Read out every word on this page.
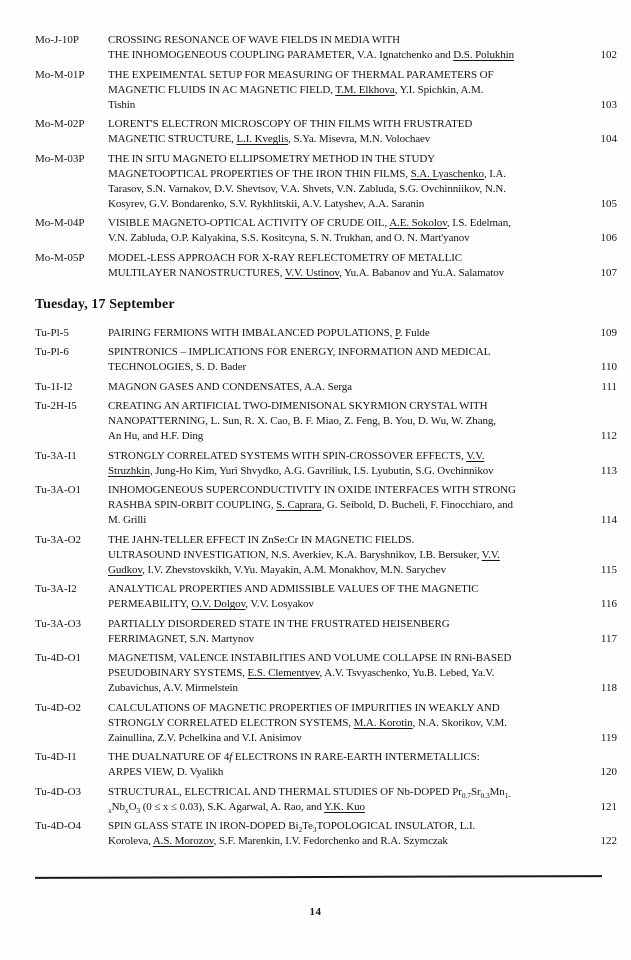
Mo-J-10P	CROSSING RESONANCE OF WAVE FIELDS IN MEDIA WITH
THE INHOMOGENEOUS COUPLING PARAMETER, V.A. Ignatchenko and D.S. Polukhin	102
Mo-M-01P	THE EXPEIMENTAL SETUP FOR MEASURING OF THERMAL PARAMETERS OF
MAGNETIC FLUIDS IN AC MAGNETIC FIELD, T.M. Elkhova, Y.I. Spichkin, A.M.
Tishin	103
Mo-M-02P	LORENT'S ELECTRON MICROSCOPY OF THIN FILMS WITH FRUSTRATED
MAGNETIC STRUCTURE, L.I. Kveglis, S.Ya. Misevra, M.N. Volochaev	104
Mo-M-03P	THE IN SITU MAGNETO ELLIPSOMETRY METHOD IN THE STUDY
MAGNETOOPTICAL PROPERTIES OF THE IRON THIN FILMS, S.A. Lyaschenko, I.A.
Tarasov, S.N. Varnakov, D.V. Shevtsov, V.A. Shvets, V.N. Zabluda, S.G. Ovchinniikov, N.N.
Kosyrev, G.V. Bondarenko, S.V. Rykhlitskii, A.V. Latyshev, A.A. Saranin	105
Mo-M-04P	VISIBLE MAGNETO-OPTICAL ACTIVITY OF CRUDE OIL, A.E. Sokolov, I.S. Edelman,
V.N. Zabluda, O.P. Kalyakina, S.S. Kositcyna, S. N. Trukhan, and O. N. Mart'yanov	106
Mo-M-05P	MODEL-LESS APPROACH FOR X-RAY REFLECTOMETRY OF METALLIC
MULTILAYER NANOSTRUCTURES, V.V. Ustinov, Yu.A. Babanov and Yu.A. Salamatov	107
Tuesday, 17 September
Tu-Pl-5	PAIRING FERMIONS WITH IMBALANCED POPULATIONS, P. Fulde	109
Tu-Pl-6	SPINTRONICS – IMPLICATIONS FOR ENERGY, INFORMATION AND MEDICAL
TECHNOLOGIES, S. D. Bader	110
Tu-1I-I2	MAGNON GASES AND CONDENSATES, A.A. Serga	111
Tu-2H-I5	CREATING AN ARTIFICIAL TWO-DIMENISONAL SKYRMION CRYSTAL WITH
NANOPATTERNING, L. Sun, R. X. Cao, B. F. Miao, Z. Feng, B. You, D. Wu, W. Zhang,
An Hu, and H.F. Ding	112
Tu-3A-I1	STRONGLY CORRELATED SYSTEMS WITH SPIN-CROSSOVER EFFECTS, V.V.
Struzhkin, Jung-Ho Kim, Yuri Shvydko, A.G. Gavriliuk, I.S. Lyubutin, S.G. Ovchinnikov	113
Tu-3A-O1	INHOMOGENEOUS SUPERCONDUCTIVITY IN OXIDE INTERFACES WITH STRONG
RASHBA SPIN-ORBIT COUPLING, S. Caprara, G. Seibold, D. Bucheli, F. Finocchiaro, and
M. Grilli	114
Tu-3A-O2	THE JAHN-TELLER EFFECT IN ZnSe:Cr IN MAGNETIC FIELDS.
ULTRASOUND INVESTIGATION, N.S. Averkiev, K.A. Baryshnikov, I.B. Bersuker, V.V.
Gudkov, I.V. Zhevstovskikh, V.Yu. Mayakin, A.M. Monakhov, M.N. Sarychev	115
Tu-3A-I2	ANALYTICAL PROPERTIES AND ADMISSIBLE VALUES OF THE MAGNETIC
PERMEABILITY, O.V. Dolgov, V.V. Losyakov	116
Tu-3A-O3	PARTIALLY DISORDERED STATE IN THE FRUSTRATED HEISENBERG
FERRIMAGNET, S.N. Martynov	117
Tu-4D-O1	MAGNETISM, VALENCE INSTABILITIES AND VOLUME COLLAPSE IN RNi-BASED
PSEUDOBINARY SYSTEMS, E.S. Clementyev, A.V. Tsvyaschenko, Yu.B. Lebed, Ya.V.
Zubavichus, A.V. Mirmelstein	118
Tu-4D-O2	CALCULATIONS OF MAGNETIC PROPERTIES OF IMPURITIES IN WEAKLY AND
STRONGLY CORRELATED ELECTRON SYSTEMS, M.A. Korotin, N.A. Skorikov, V.M.
Zainullina, Z.V. Pchelkina and V.I. Anisimov	119
Tu-4D-I1	THE DUALNATURE OF 4f ELECTRONS IN RARE-EARTH INTERMETALLICS:
ARPES VIEW, D. Vyalikh	120
Tu-4D-O3	STRUCTURAL, ELECTRICAL AND THERMAL STUDIES OF Nb-DOPED $Pr_{0.7}Sr_{0.3}Mn_{1-}$
$_xNb_xO_3$ (0 ≤ x ≤ 0.03), S.K. Agarwal, A. Rao, and Y.K. Kuo	121
Tu-4D-O4	SPIN GLASS STATE IN IRON-DOPED $Bi_2Te_3TOPOLOGICAL$ INSULATOR, L.I.
Koroleva, A.S. Morozov, S.F. Marenkin, I.V. Fedorchenko and R.A. Szymczak	122
14
